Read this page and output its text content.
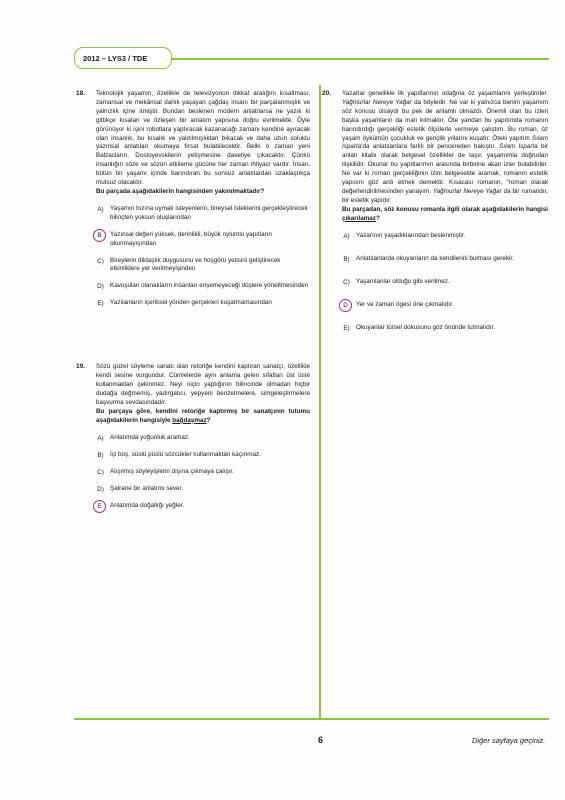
2012 – LYS3 / TDE
18. Teknolojik yaşamın, özellikle de televizyonun dikkat aralığını kısaltması, zamansal ve mekânsal darlık yaşayan çağdaş insanı bir parçalanmışlık ve yalnızlık içine itmiştir. Bundan beslenen modern anlatılarsa ne yazık ki gittikçe kısalan ve özleşen bir anlatım yapısına doğru evrilmekte. Öyle görünüyor ki işini robotlara yaptıracak kazanacağı zamanı kendine ayıracak olan insanlık, bu kısalık ve yalıtılmışlıktan bıkacak ve daha uzun soluklu yazınsal anlatıları okumaya fırsat bulabilecektir. Belki o zaman yeni Balzacların, Dostoyevskilerin yetişmesine davetiye çıkacaktır. Çünkü insanlığın söze ve sözün etkileme gücüne her zaman ihtiyacı vardır. İnsan, bütün bir yaşamı içinde barındıran bu sonsuz anlatılardan uzaklaştıkça mutsuz olacaktır.

Bu parçada aşağıdakilerin hangisinden yakınılmaktadır?

A) Yaşamın hızına uymak isteyenlerin, bireysel isteklerini gerçekleştirecek bilinçten yoksun oluşlarından
B	Yazınsal değeri yüksek, derinlikli, büyük oylumlu yapıtların okunmayışından
C) Bireylerin dildaşlık duygusunu ve hoşgörü yetisini geliştirecek etkinliklere yer verilmeyişinden
D) Kavuşulan olanakların insanları erişemeyeceği düşlere yöneltmesinden
E) Yazılanların içeriksel yönden gerçekleri kuşatmamasından
19. Sözü güzel söyleme sanatı olan retoriğe kendini kaptıran sanatçı, özellikle kendi sesine vurgundur. Cümlelerde aynı anlama gelen sıfatları üst üste kullanmaktan çekinmez. Neyi niçin yaptığının bilincinde olmadan hiçbir dudağa değmemiş, yadırgatıcı, yepyeni benzetmelere, simgeleştirmelere başvurma sevdasındadır.

Bu parçaya göre, kendini retoriğe kaptırmış bir sanatçının tutumu aşağıdakilerin hangisiyle bağdaşmaz?

A) Anlatımda yoğunluk aramaz.
B) İçi boş, süslü püslü sözcükler kullanmaktan kaçınmaz.
C) Alışılmış söyleyişlerin dışına çıkmaya çalışır.
D) Şairane bir anlatımı sever.
E	Anlatımda doğallığı yeğler.
20. Yazarlar genellikle ilk yapıtlarının odağına öz yaşamlarını yerleştirirler. Yağmurlar Nereye Yağar da böyledir. Ne var ki yalnızca benim yaşamım söz konusu olsaydı bu pek de anlamlı olmazdı. Önemli olan bu izleri başka yaşamların da malı kılmaktır. Öte yandan bu yapıtımda romanın barındırdığı gerçekliği estetik ölçülerle vermeye çalıştım. Bu roman, öz yaşam öykümün çocukluk ve gençlik yıllarını kuşatır. Öteki yapıtım Sılam Isparta'da anlatılanlara farklı bir pencereden bakıştır. Sılam Isparta bir anlatı kitabı olarak belgesel özellikler de taşır, yaşamımla doğrudan ilişkilidir. Okurlar bu yapıtlarımın arasında birbirine akan izler bulabilirler. Ne var ki roman gerçekliğinin izini belgeselde aramak, romanın estetik yapısını göz ardı etmek demektir. Kısacası romanın, "roman olarak değerlendirilmesinden yanayım. Yağmurlar Nereye Yağar da bir romandır, bir estetik yapıdır.

Bu parçadan, söz konusu romanla ilgili olarak aşağıdakilerin hangisi çıkarılamaz?

A) Yazarının yaşadıklarından beslenmiştir.
B) Anlatılanlarda okuyanların da kendilerini bulması gerekir.
C) Yaşanılanlar olduğu gibi verilmez.
D	Yer ve zaman ögesi öne çıkmalıdır.
E) Okuyanlar türsel dokusunu göz önünde tutmalıdır.
6	Diğer sayfaya geçiniz.
